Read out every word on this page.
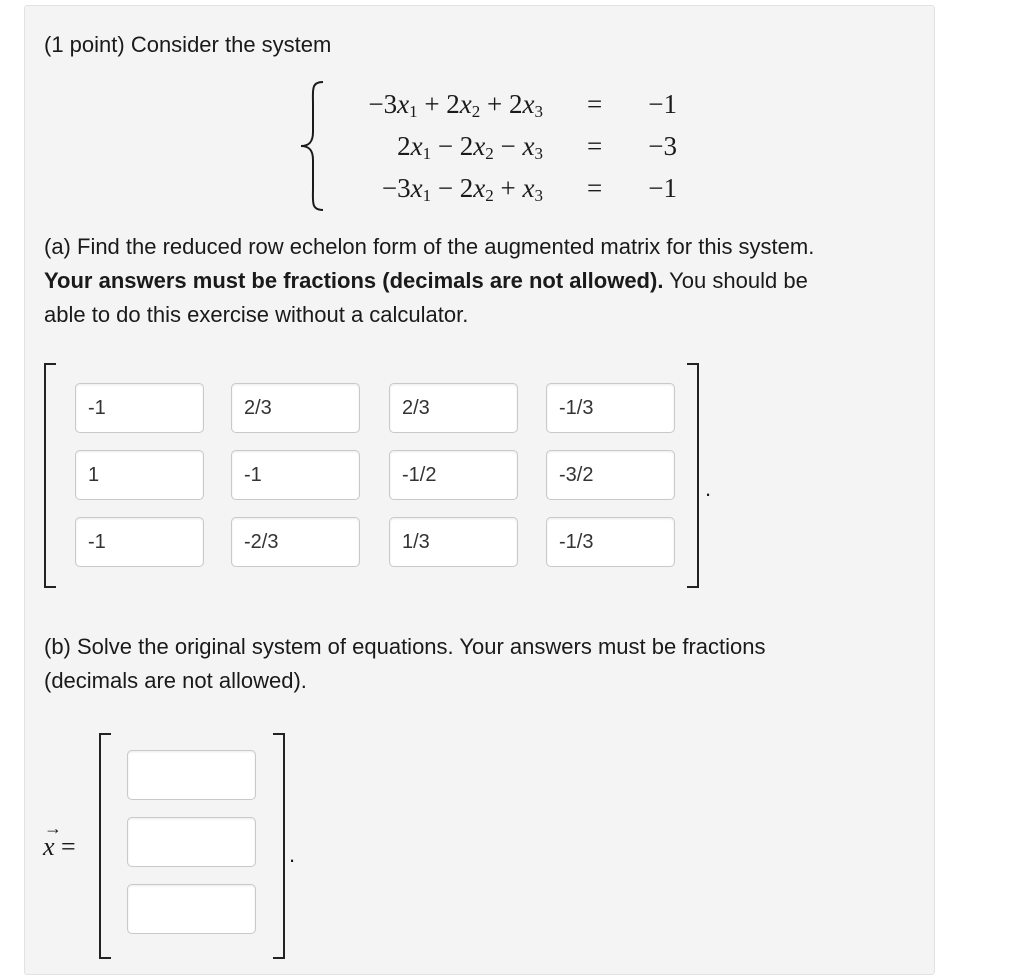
(1 point) Consider the system
$-3x_1 + 2x_2 + 2x_3 = -1$
$2x_1 - 2x_2 - x_3 = -3$
$-3x_1 - 2x_2 + x_3 = -1$
(a) Find the reduced row echelon form of the augmented matrix for this system.
Your answers must be fractions (decimals are not allowed). You should be
able to do this exercise without a calculator.
-1
2/3
2/3
-1/3
1
-1
-1/2
-3/2
-1
-2/3
1/3
-1/3
.
(b) Solve the original system of equations. Your answers must be fractions
(decimals are not allowed).
→ x =	.
